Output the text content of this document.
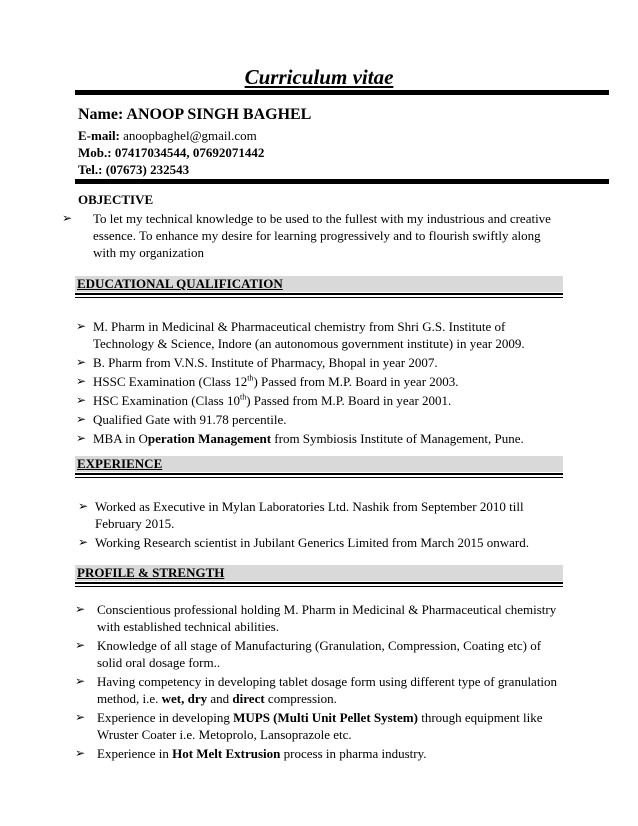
Curriculum vitae
Name: ANOOP SINGH BAGHEL
E-mail: anoopbaghel@gmail.com
Mob.: 07417034544, 07692071442
Tel.: (07673) 232543
OBJECTIVE
➢ To let my technical knowledge to be used to the fullest with my industrious and creative essence. To enhance my desire for learning progressively and to flourish swiftly along with my organization
EDUCATIONAL QUALIFICATION
➢ M. Pharm in Medicinal & Pharmaceutical chemistry from Shri G.S. Institute of Technology & Science, Indore (an autonomous government institute) in year 2009.
➢ B. Pharm from V.N.S. Institute of Pharmacy, Bhopal in year 2007.
➢ HSSC Examination (Class 12th) Passed from M.P. Board in year 2003.
➢ HSC Examination (Class 10th) Passed from M.P. Board in year 2001.
➢ Qualified Gate with 91.78 percentile.
➢ MBA in Operation Management from Symbiosis Institute of Management, Pune.
EXPERIENCE
➢ Worked as Executive in Mylan Laboratories Ltd. Nashik from September 2010 till February 2015.
➢ Working Research scientist in Jubilant Generics Limited from March 2015 onward.
PROFILE & STRENGTH
➢ Conscientious professional holding M. Pharm in Medicinal & Pharmaceutical chemistry with established technical abilities.
➢ Knowledge of all stage of Manufacturing (Granulation, Compression, Coating etc) of solid oral dosage form..
➢ Having competency in developing tablet dosage form using different type of granulation method, i.e. wet, dry and direct compression.
➢ Experience in developing MUPS (Multi Unit Pellet System) through equipment like Wruster Coater i.e. Metoprolo, Lansoprazole etc.
➢ Experience in Hot Melt Extrusion process in pharma industry.
